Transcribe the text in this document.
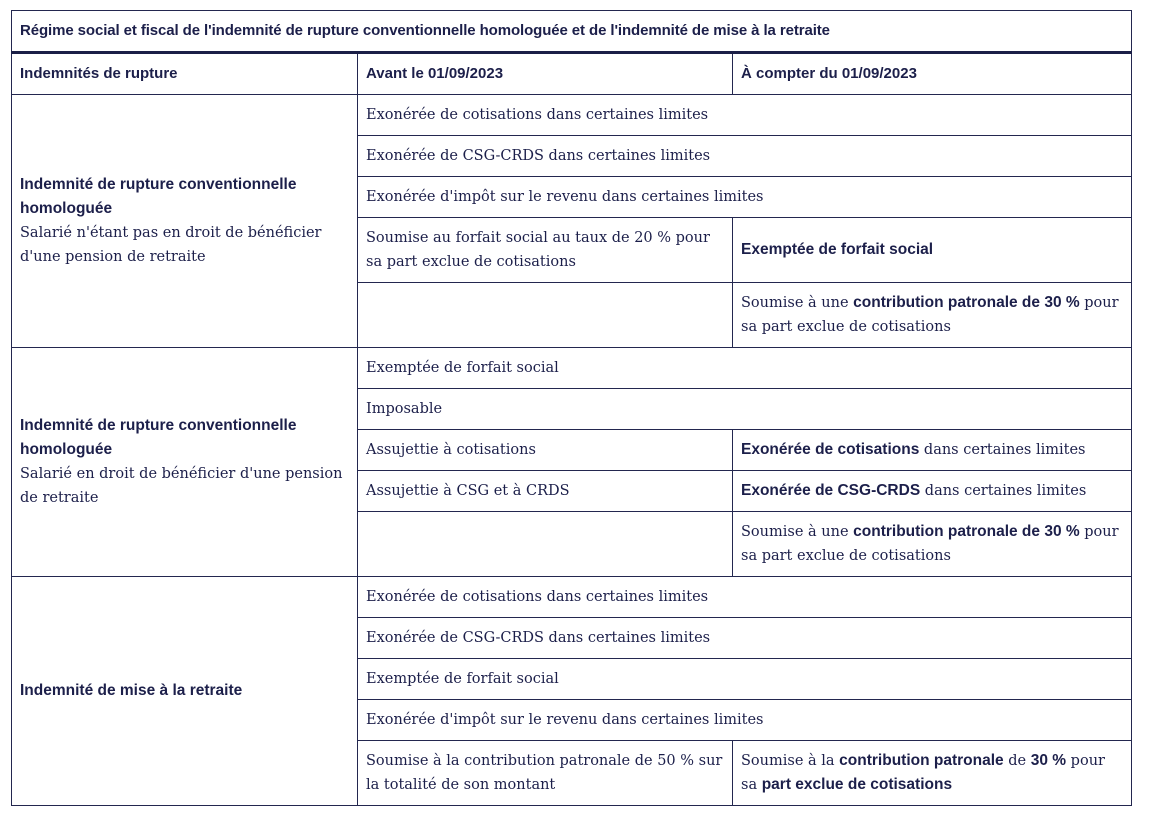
Régime social et fiscal de l'indemnité de rupture conventionnelle homologuée et de l'indemnité de mise à la retraite		
Indemnités de rupture	Avant le 01/09/2023	À compter du 01/09/2023

Indemnité de rupture conventionnelle homologuée
Salarié n'étant pas en droit de bénéficier d'une pension de retraite	Exonérée de cotisations dans certaines limites	
	Exonérée de CSG-CRDS dans certaines limites	
	Exonérée d'impôt sur le revenu dans certaines limites	
	Soumise au forfait social au taux de 20 % pour sa part exclue de cotisations	Exemptée de forfait social
		Soumise à une contribution patronale de 30 % pour sa part exclue de cotisations

Indemnité de rupture conventionnelle homologuée
Salarié en droit de bénéficier d'une pension de retraite	Exemptée de forfait social	
	Imposable	
	Assujettie à cotisations	Exonérée de cotisations dans certaines limites
	Assujettie à CSG et à CRDS	Exonérée de CSG-CRDS dans certaines limites
		Soumise à une contribution patronale de 30 % pour sa part exclue de cotisations

Indemnité de mise à la retraite	Exonérée de cotisations dans certaines limites	
	Exonérée de CSG-CRDS dans certaines limites	
	Exemptée de forfait social	
	Exonérée d'impôt sur le revenu dans certaines limites	
	Soumise à la contribution patronale de 50 % sur la totalité de son montant	Soumise à la contribution patronale de 30 % pour sa part exclue de cotisations
